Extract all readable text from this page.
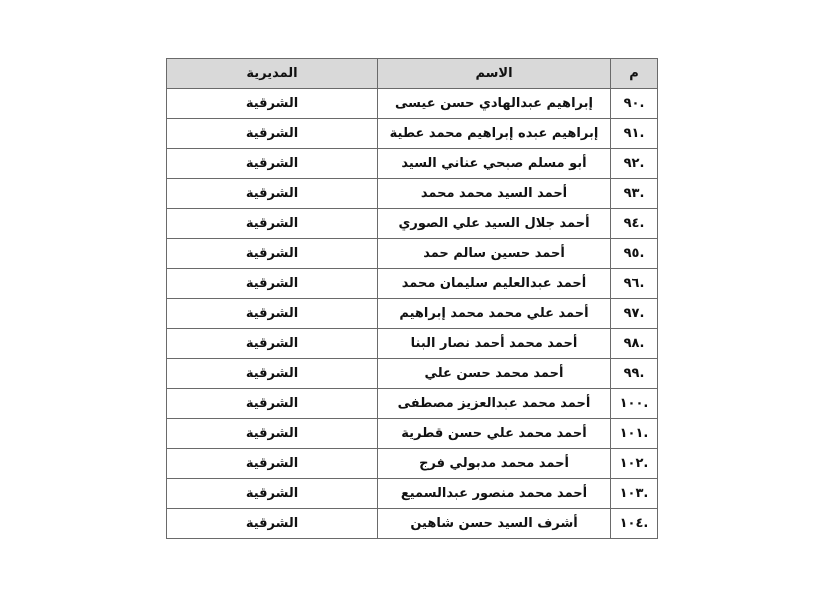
م	الاسم	المديرية
٩٠.	إبراهيم عبدالهادي حسن عيسى	الشرقية
٩١.	إبراهيم عبده إبراهيم محمد عطية	الشرقية
٩٢.	أبو مسلم صبحي عناني السيد	الشرقية
٩٣.	أحمد السيد محمد محمد	الشرقية
٩٤.	أحمد جلال السيد علي الصوري	الشرقية
٩٥.	أحمد حسين سالم حمد	الشرقية
٩٦.	أحمد عبدالعليم سليمان محمد	الشرقية
٩٧.	أحمد علي محمد محمد إبراهيم	الشرقية
٩٨.	أحمد محمد أحمد نصار البنا	الشرقية
٩٩.	أحمد محمد حسن علي	الشرقية
١٠٠.	أحمد محمد عبدالعزيز مصطفى	الشرقية
١٠١.	أحمد محمد علي حسن قطرية	الشرقية
١٠٢.	أحمد محمد مدبولي فرج	الشرقية
١٠٣.	أحمد محمد منصور عبدالسميع	الشرقية
١٠٤.	أشرف السيد حسن شاهين	الشرقية
